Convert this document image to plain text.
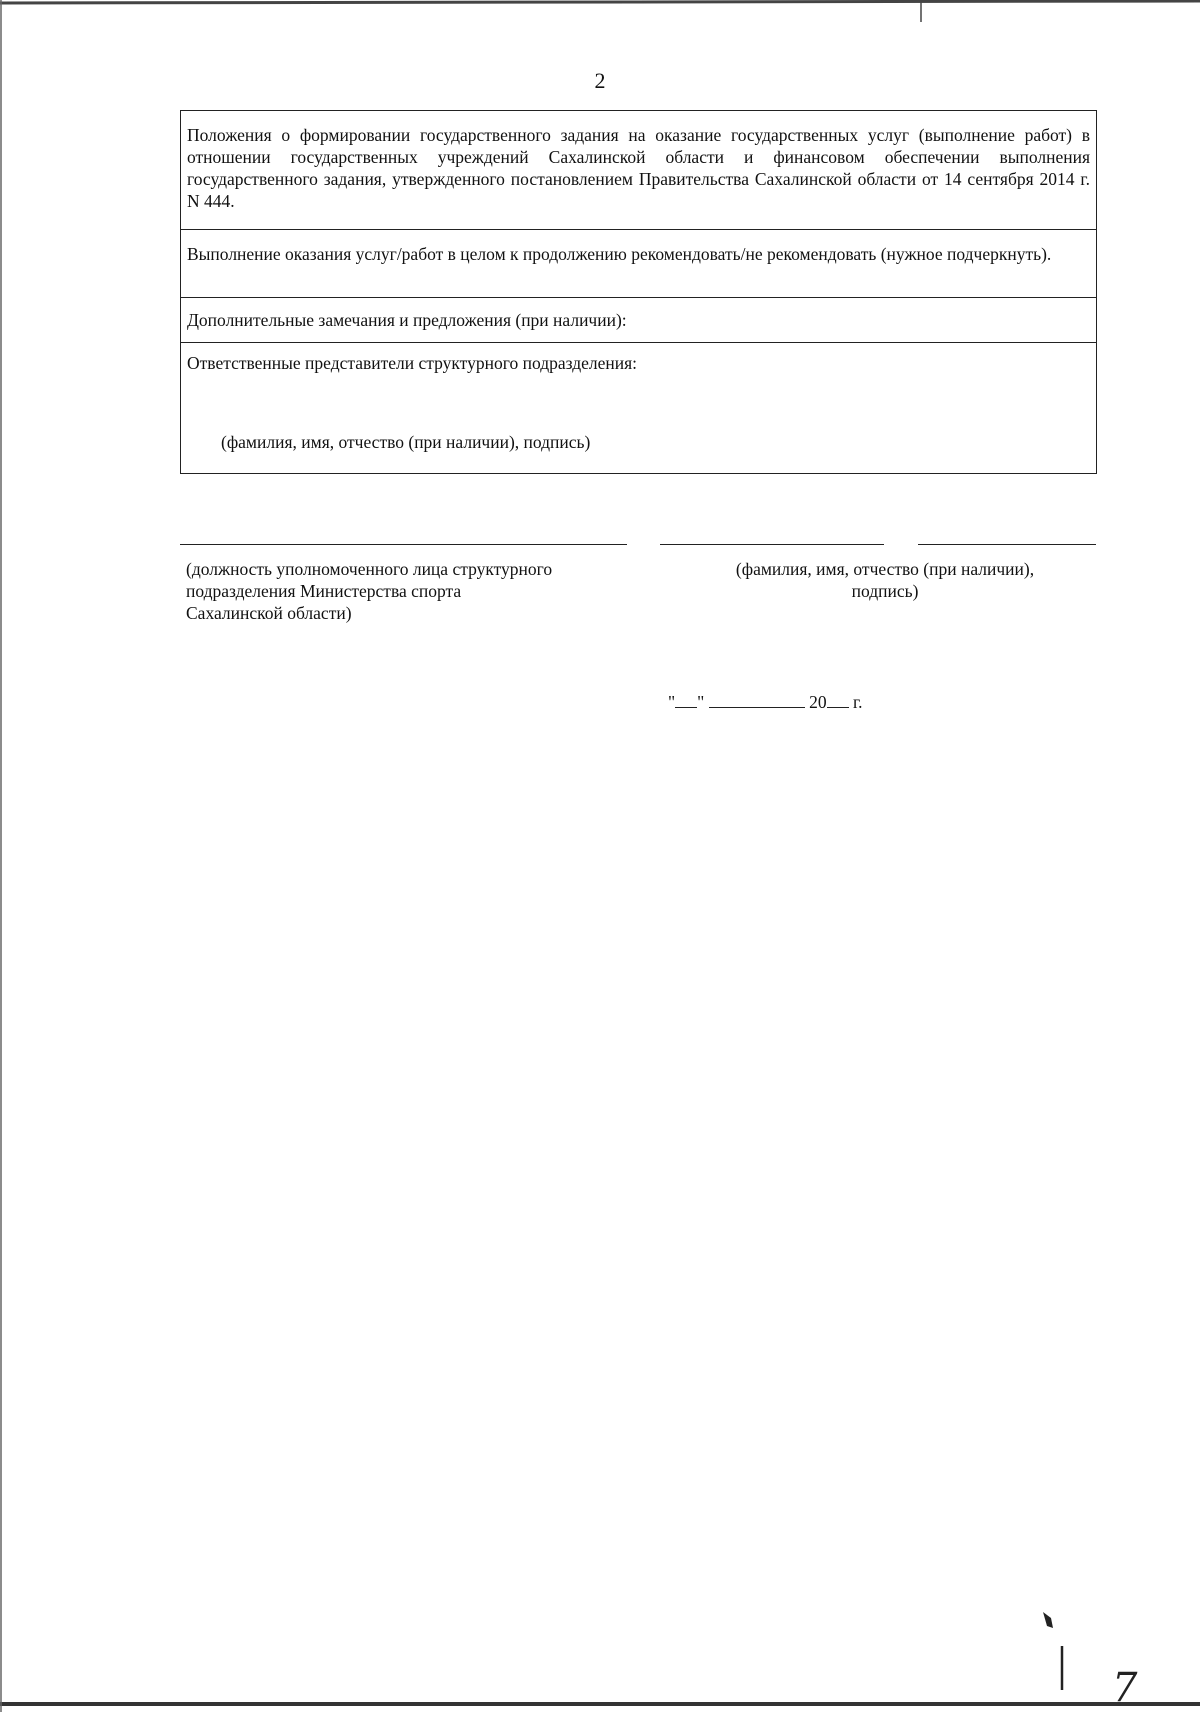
2
Положения о формировании государственного задания на оказание государственных услуг (выполнение работ) в отношении государственных учреждений Сахалинской области и финансовом обеспечении выполнения государственного задания, утвержденного постановлением Правительства Сахалинской области от 14 сентября 2014 г. N 444.
Выполнение оказания услуг/работ в целом к продолжению рекомендовать/не рекомендовать (нужное подчеркнуть).
Дополнительные замечания и предложения (при наличии):
Ответственные представители структурного подразделения:
(фамилия, имя, отчество (при наличии), подпись)
(должность уполномоченного лица структурного
подразделения Министерства спорта
Сахалинской области)
(фамилия, имя, отчество (при наличии),
подпись)
" "	20 г.
7
